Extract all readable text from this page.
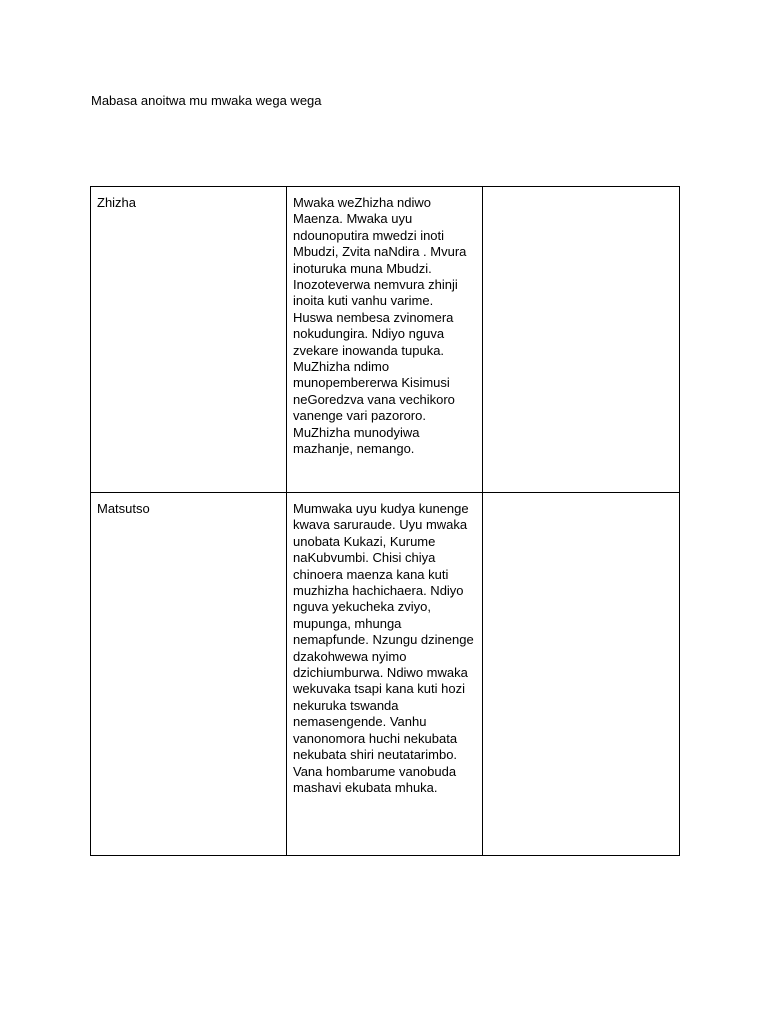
Mabasa anoitwa mu mwaka wega wega
Zhizha	Mwaka weZhizha ndiwo Maenza. Mwaka uyu ndounoputira mwedzi inoti Mbudzi, Zvita naNdira . Mvura inoturuka muna Mbudzi. Inozoteverwa nemvura zhinji inoita kuti vanhu varime. Huswa nembesa zvinomera nokudungira. Ndiyo nguva zvekare inowanda tupuka. MuZhizha ndimo munopembererwa Kisimusi neGoredzva vana vechikoro vanenge vari pazororo. MuZhizha munodyiwa mazhanje, nemango.	
Matsutso	Mumwaka uyu kudya kunenge kwava saruraude. Uyu mwaka unobata Kukazi, Kurume naKubvumbi. Chisi chiya chinoera maenza kana kuti muzhizha hachichaera. Ndiyo nguva yekucheka zviyo, mupunga, mhunga nemapfunde. Nzungu dzinenge dzakohwewa nyimo dzichiumburwa. Ndiwo mwaka wekuvaka tsapi kana kuti hozi nekuruka tswanda nemasengende. Vanhu vanonomora huchi nekubata nekubata shiri neutatarimbo. Vana hombarume vanobuda mashavi ekubata mhuka.	
